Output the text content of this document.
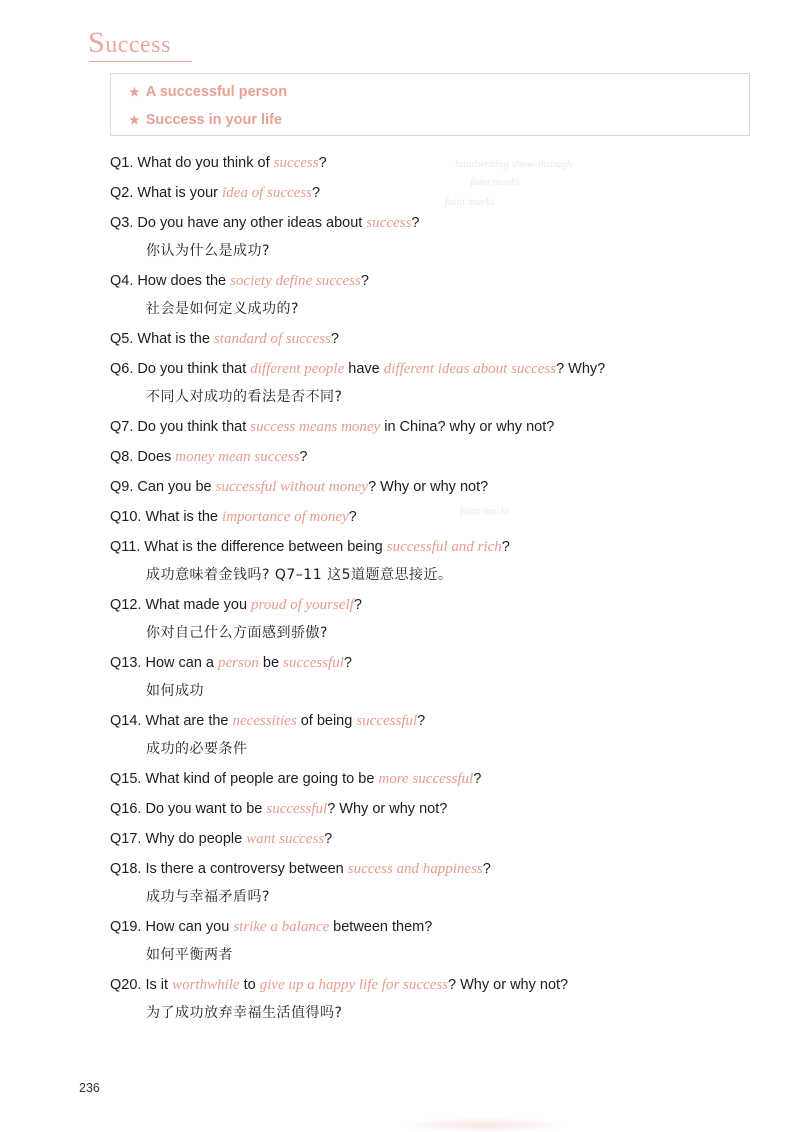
Success
★ A successful person
★ Success in your life
handwriting show-through
faint marks
faint marks
faint marks
Q1. What do you think of success?
Q2. What is your idea of success?
Q3. Do you have any other ideas about success?
你认为什么是成功?
Q4. How does the society define success?
社会是如何定义成功的?
Q5. What is the standard of success?
Q6. Do you think that different people have different ideas about success? Why?
不同人对成功的看法是否不同?
Q7. Do you think that success means money in China? why or why not?
Q8. Does money mean success?
Q9. Can you be successful without money? Why or why not?
Q10. What is the importance of money?
Q11. What is the difference between being successful and rich?
成功意味着金钱吗? Q7–11 这5道题意思接近。
Q12. What made you proud of yourself?
你对自己什么方面感到骄傲?
Q13. How can a person be successful?
如何成功
Q14. What are the necessities of being successful?
成功的必要条件
Q15. What kind of people are going to be more successful?
Q16. Do you want to be successful? Why or why not?
Q17. Why do people want success?
Q18. Is there a controversy between success and happiness?
成功与幸福矛盾吗?
Q19. How can you strike a balance between them?
如何平衡两者
Q20. Is it worthwhile to give up a happy life for success? Why or why not?
为了成功放弃幸福生活值得吗?
236
